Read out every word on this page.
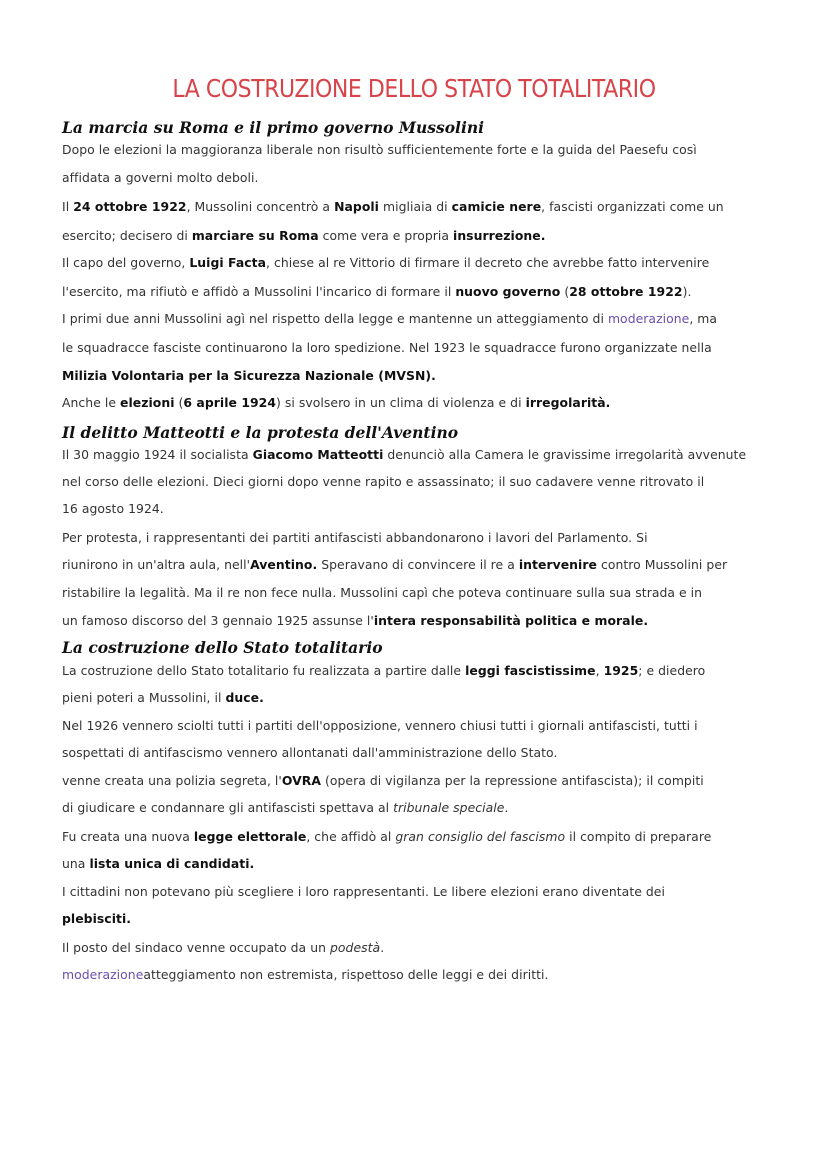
LA COSTRUZIONE DELLO STATO TOTALITARIO
La marcia su Roma e il primo governo Mussolini
Dopo le elezioni la maggioranza liberale non risultò sufficientemente forte e la guida del Paesefu così
affidata a governi molto deboli.
Il 24 ottobre 1922, Mussolini concentrò a Napoli migliaia di camicie nere, fascisti organizzati come un
esercito; decisero di marciare su Roma come vera e propria insurrezione.
Il capo del governo, Luigi Facta, chiese al re Vittorio di firmare il decreto che avrebbe fatto intervenire
l'esercito, ma rifiutò e affidò a Mussolini l'incarico di formare il nuovo governo (28 ottobre 1922).
I primi due anni Mussolini agì nel rispetto della legge e mantenne un atteggiamento di moderazione, ma
le squadracce fasciste continuarono la loro spedizione. Nel 1923 le squadracce furono organizzate nella
Milizia Volontaria per la Sicurezza Nazionale (MVSN).
Anche le elezioni (6 aprile 1924) si svolsero in un clima di violenza e di irregolarità.
Il delitto Matteotti e la protesta dell'Aventino
Il 30 maggio 1924 il socialista Giacomo Matteotti denunciò alla Camera le gravissime irregolarità avvenute
nel corso delle elezioni. Dieci giorni dopo venne rapito e assassinato; il suo cadavere venne ritrovato il
16 agosto 1924.
Per protesta, i rappresentanti dei partiti antifascisti abbandonarono i lavori del Parlamento. Si
riunirono in un'altra aula, nell'Aventino. Speravano di convincere il re a intervenire contro Mussolini per
ristabilire la legalità. Ma il re non fece nulla. Mussolini capì che poteva continuare sulla sua strada e in
un famoso discorso del 3 gennaio 1925 assunse l'intera responsabilità politica e morale.
La costruzione dello Stato totalitario
La costruzione dello Stato totalitario fu realizzata a partire dalle leggi fascistissime, 1925; e diedero
pieni poteri a Mussolini, il duce.
Nel 1926 vennero sciolti tutti i partiti dell'opposizione, vennero chiusi tutti i giornali antifascisti, tutti i
sospettati di antifascismo vennero allontanati dall'amministrazione dello Stato.
venne creata una polizia segreta, l'OVRA (opera di vigilanza per la repressione antifascista); il compiti
di giudicare e condannare gli antifascisti spettava al tribunale speciale.
Fu creata una nuova legge elettorale, che affidò al gran consiglio del fascismo il compito di preparare
una lista unica di candidati.
I cittadini non potevano più scegliere i loro rappresentanti. Le libere elezioni erano diventate dei
plebisciti.
Il posto del sindaco venne occupato da un podestà.
moderazioneatteggiamento non estremista, rispettoso delle leggi e dei diritti.
